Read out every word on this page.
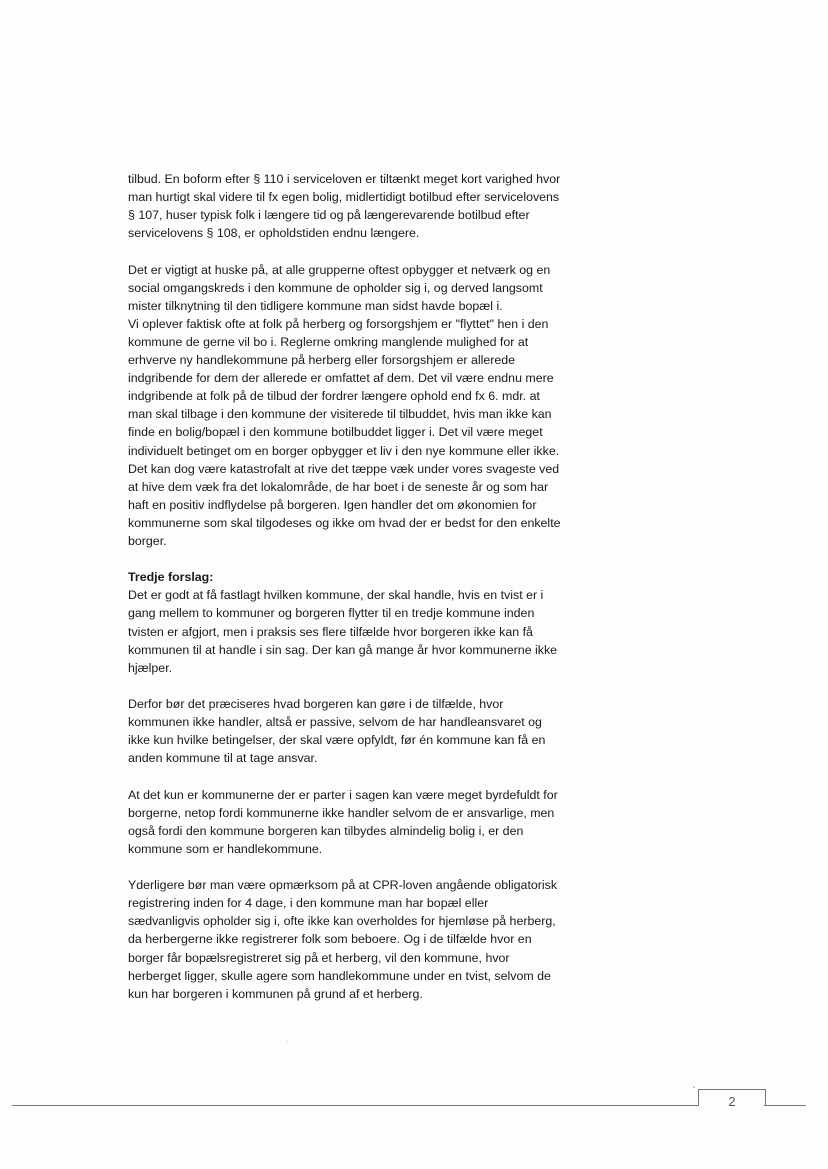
tilbud. En boform efter § 110 i serviceloven er tiltænkt meget kort varighed hvor
man hurtigt skal videre til fx egen bolig, midlertidigt botilbud efter servicelovens
§ 107, huser typisk folk i længere tid og på længerevarende botilbud efter
servicelovens § 108, er opholdstiden endnu længere.

Det er vigtigt at huske på, at alle grupperne oftest opbygger et netværk og en
social omgangskreds i den kommune de opholder sig i, og derved langsomt
mister tilknytning til den tidligere kommune man sidst havde bopæl i.
Vi oplever faktisk ofte at folk på herberg og forsorgshjem er "flyttet" hen i den
kommune de gerne vil bo i. Reglerne omkring manglende mulighed for at
erhverve ny handlekommune på herberg eller forsorgshjem er allerede
indgribende for dem der allerede er omfattet af dem. Det vil være endnu mere
indgribende at folk på de tilbud der fordrer længere ophold end fx 6. mdr. at
man skal tilbage i den kommune der visiterede til tilbuddet, hvis man ikke kan
finde en bolig/bopæl i den kommune botilbuddet ligger i. Det vil være meget
individuelt betinget om en borger opbygger et liv i den nye kommune eller ikke.
Det kan dog være katastrofalt at rive det tæppe væk under vores svageste ved
at hive dem væk fra det lokalområde, de har boet i de seneste år og som har
haft en positiv indflydelse på borgeren. Igen handler det om økonomien for
kommunerne som skal tilgodeses og ikke om hvad der er bedst for den enkelte
borger.

Tredje forslag:

Det er godt at få fastlagt hvilken kommune, der skal handle, hvis en tvist er i
gang mellem to kommuner og borgeren flytter til en tredje kommune inden
tvisten er afgjort, men i praksis ses flere tilfælde hvor borgeren ikke kan få
kommunen til at handle i sin sag. Der kan gå mange år hvor kommunerne ikke
hjælper.

Derfor bør det præciseres hvad borgeren kan gøre i de tilfælde, hvor
kommunen ikke handler, altså er passive, selvom de har handleansvaret og
ikke kun hvilke betingelser, der skal være opfyldt, før én kommune kan få en
anden kommune til at tage ansvar.

At det kun er kommunerne der er parter i sagen kan være meget byrdefuldt for
borgerne, netop fordi kommunerne ikke handler selvom de er ansvarlige, men
også fordi den kommune borgeren kan tilbydes almindelig bolig i, er den
kommune som er handlekommune.

Yderligere bør man være opmærksom på at CPR-loven angående obligatorisk
registrering inden for 4 dage, i den kommune man har bopæl eller
sædvanligvis opholder sig i, ofte ikke kan overholdes for hjemløse på herberg,
da herbergerne ikke registrerer folk som beboere. Og i de tilfælde hvor en
borger får bopælsregistreret sig på et herberg, vil den kommune, hvor
herberget ligger, skulle agere som handlekommune under en tvist, selvom de
kun har borgeren i kommunen på grund af et herberg.

2
